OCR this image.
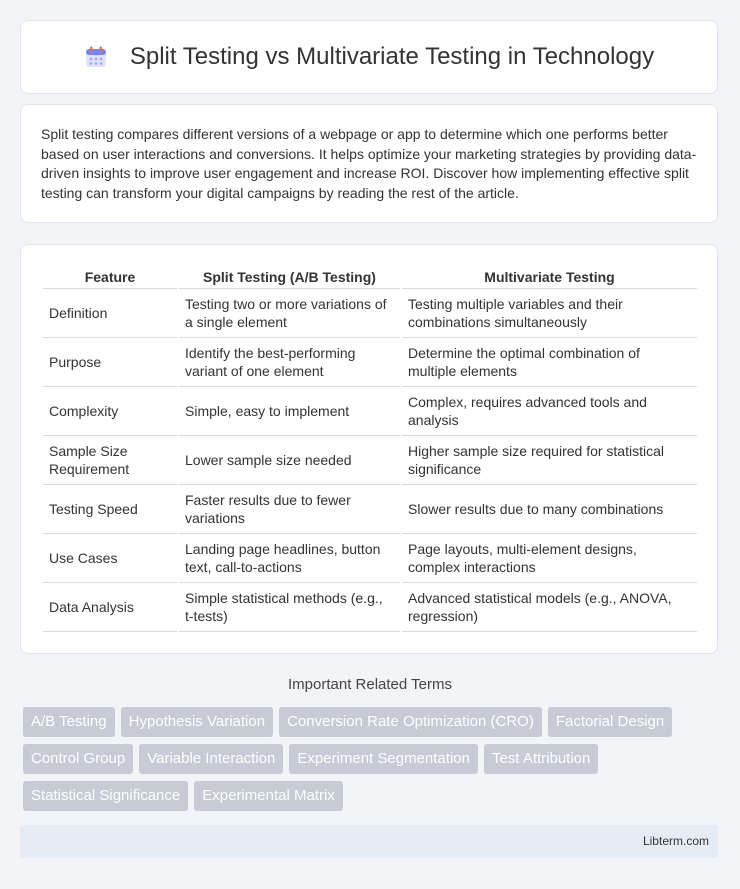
Split Testing vs Multivariate Testing in Technology

Split testing compares different versions of a webpage or app to determine which one performs better based on user interactions and conversions. It helps optimize your marketing strategies by providing data-driven insights to improve user engagement and increase ROI. Discover how implementing effective split testing can transform your digital campaigns by reading the rest of the article.

Feature	Split Testing (A/B Testing)	Multivariate Testing
Definition	Testing two or more variations of a single element	Testing multiple variables and their combinations simultaneously
Purpose	Identify the best-performing variant of one element	Determine the optimal combination of multiple elements
Complexity	Simple, easy to implement	Complex, requires advanced tools and analysis
Sample Size Requirement	Lower sample size needed	Higher sample size required for statistical significance
Testing Speed	Faster results due to fewer variations	Slower results due to many combinations
Use Cases	Landing page headlines, button text, call-to-actions	Page layouts, multi-element designs, complex interactions
Data Analysis	Simple statistical methods (e.g., t-tests)	Advanced statistical models (e.g., ANOVA, regression)
Important Related Terms
A/B Testing	Hypothesis Variation	Conversion Rate Optimization (CRO)	Factorial Design
Control Group	Variable Interaction	Experiment Segmentation	Test Attribution
Statistical Significance	Experimental Matrix
Libterm.com
